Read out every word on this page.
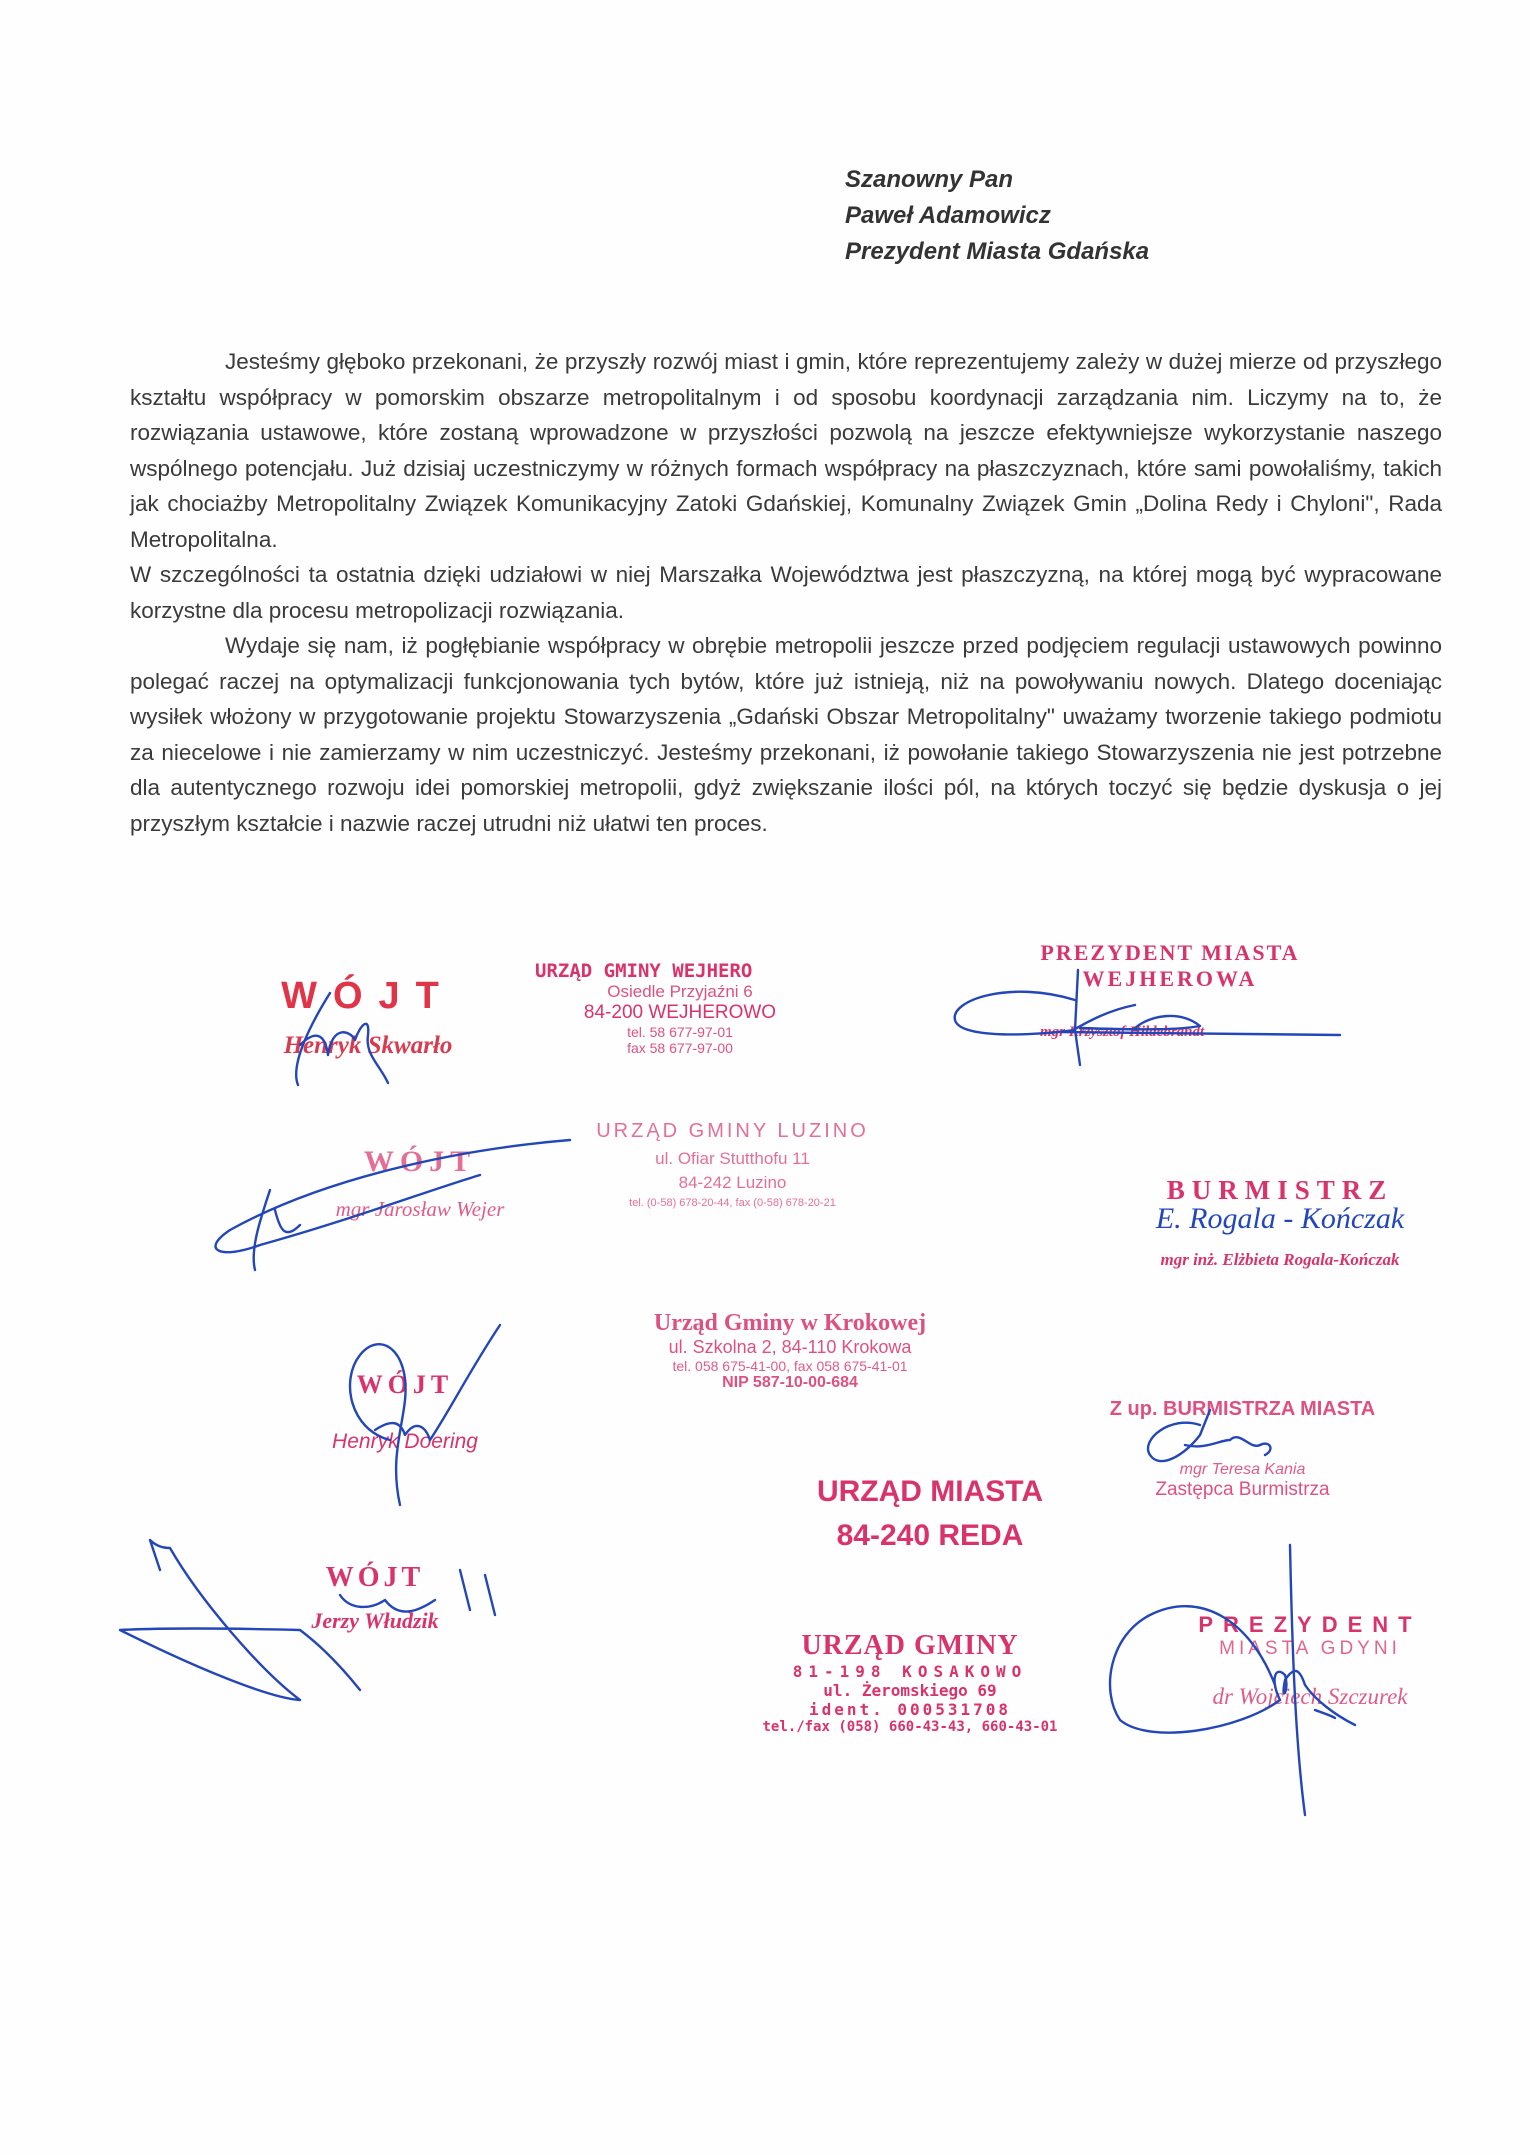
Szanowny Pan
Paweł Adamowicz
Prezydent Miasta Gdańska

Jesteśmy głęboko przekonani, że przyszły rozwój miast i gmin, które reprezentujemy zależy w dużej mierze od przyszłego kształtu współpracy w pomorskim obszarze metropolitalnym i od sposobu koordynacji zarządzania nim. Liczymy na to, że rozwiązania ustawowe, które zostaną wprowadzone w przyszłości pozwolą na jeszcze efektywniejsze wykorzystanie naszego wspólnego potencjału. Już dzisiaj uczestniczymy w różnych formach współpracy na płaszczyznach, które sami powołaliśmy, takich jak chociażby Metropolitalny Związek Komunikacyjny Zatoki Gdańskiej, Komunalny Związek Gmin „Dolina Redy i Chyloni", Rada Metropolitalna.

W szczególności ta ostatnia dzięki udziałowi w niej Marszałka Województwa jest płaszczyzną, na której mogą być wypracowane korzystne dla procesu metropolizacji rozwiązania.

Wydaje się nam, iż pogłębianie współpracy w obrębie metropolii jeszcze przed podjęciem regulacji ustawowych powinno polegać raczej na optymalizacji funkcjonowania tych bytów, które już istnieją, niż na powoływaniu nowych. Dlatego doceniając wysiłek włożony w przygotowanie projektu Stowarzyszenia „Gdański Obszar Metropolitalny" uważamy tworzenie takiego podmiotu za niecelowe i nie zamierzamy w nim uczestniczyć. Jesteśmy przekonani, iż powołanie takiego Stowarzyszenia nie jest potrzebne dla autentycznego rozwoju idei pomorskiej metropolii, gdyż zwiększanie ilości pól, na których toczyć się będzie dyskusja o jej przyszłym kształcie i nazwie raczej utrudni niż ułatwi ten proces.

WÓJT
Henryk Skwarło
URZĄD GMINY WEJHERO
Osiedle Przyjaźni 6
84-200 WEJHEROWO
tel. 58 677-97-01
fax 58 677-97-00
PREZYDENT MIASTA
WEJHEROWA
mgr Krzysztof Hildebrandt
WÓJT
mgr Jarosław Wejer
URZĄD GMINY LUZINO
ul. Ofiar Stutthofu 11
84-242 Luzino
tel. (0-58) 678-20-44, fax (0-58) 678-20-21	BURMISTRZ
E. Rogala - Kończak
mgr inż. Elżbieta Rogala-Kończak
WÓJT
Henryk Doering
Urząd Gminy w Krokowej
ul. Szkolna 2, 84-110 Krokowa
tel. 058 675-41-00, fax 058 675-41-01
NIP 587-10-00-684
Z up. BURMISTRZA MIASTA
mgr Teresa Kania
Zastępca Burmistrza
URZĄD MIASTA
84-240 REDA
WÓJT
Jerzy Włudzik
URZĄD GMINY
81-198 KOSAKOWO
ul. Żeromskiego 69
ident. 000531708
tel./fax (058) 660-43-43, 660-43-01
PREZYDENT
MIASTA GDYNI
dr Wojciech Szczurek
